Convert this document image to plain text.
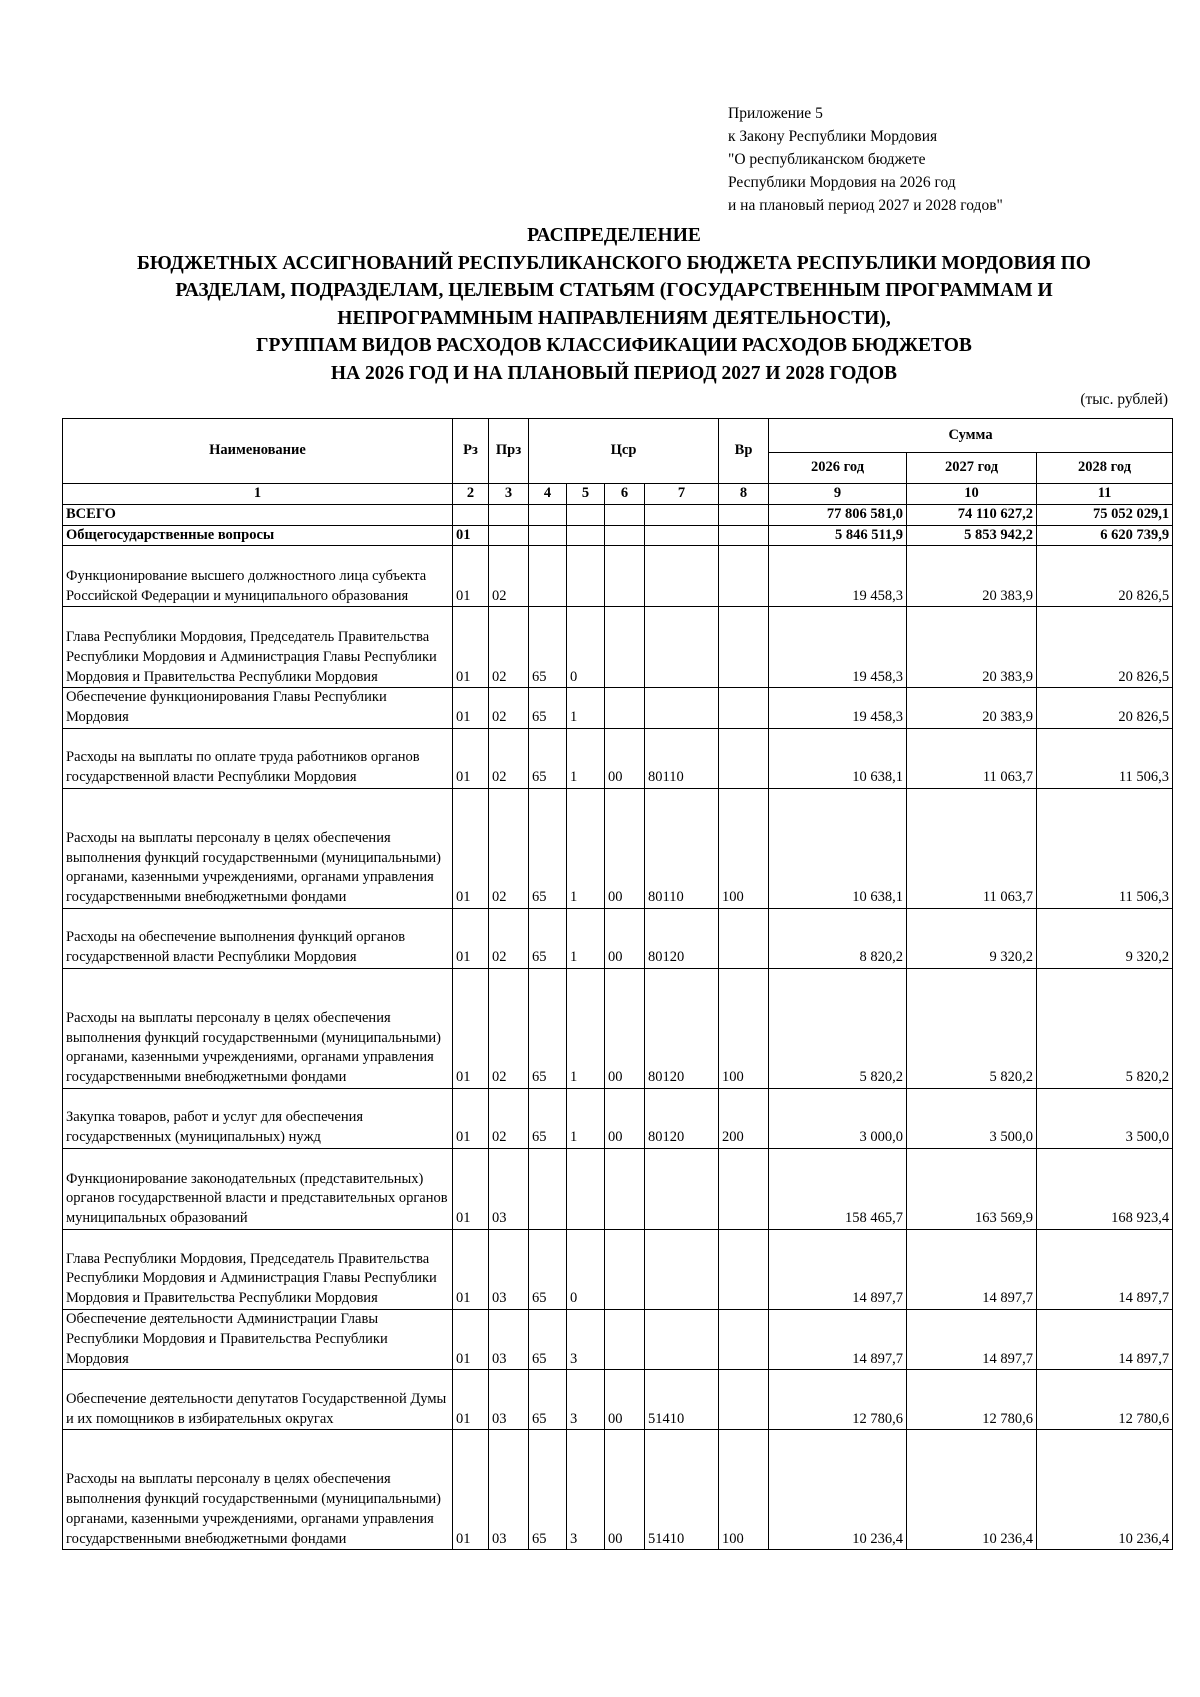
Приложение 5
к Закону Республики Мордовия
"О республиканском бюджете
Республики Мордовия на 2026 год
и на плановый период 2027 и 2028 годов"
РАСПРЕДЕЛЕНИЕ
БЮДЖЕТНЫХ АССИГНОВАНИЙ РЕСПУБЛИКАНСКОГО БЮДЖЕТА РЕСПУБЛИКИ МОРДОВИЯ ПО
РАЗДЕЛАМ, ПОДРАЗДЕЛАМ, ЦЕЛЕВЫМ СТАТЬЯМ (ГОСУДАРСТВЕННЫМ ПРОГРАММАМ И
НЕПРОГРАММНЫМ НАПРАВЛЕНИЯМ ДЕЯТЕЛЬНОСТИ),
ГРУППАМ ВИДОВ РАСХОДОВ КЛАССИФИКАЦИИ РАСХОДОВ БЮДЖЕТОВ
НА 2026 ГОД И НА ПЛАНОВЫЙ ПЕРИОД 2027 И 2028 ГОДОВ
(тыс. рублей)
Наименование	Рз	Прз	Цср				Вр	Сумма		
								2026 год	2027 год	2028 год
1	2	3	4	5	6	7	8	9	10	11
ВСЕГО								77 806 581,0	74 110 627,2	75 052 029,1
Общегосударственные вопросы	01							5 846 511,9	5 853 942,2	6 620 739,9
Функционирование высшего должностного лица субъекта Российской Федерации и муниципального образования	01	02						19 458,3	20 383,9	20 826,5
Глава Республики Мордовия, Председатель Правительства Республики Мордовия и Администрация Главы Республики Мордовия и Правительства Республики Мордовия	01	02	65	0				19 458,3	20 383,9	20 826,5
Обеспечение функционирования Главы Республики Мордовия	01	02	65	1				19 458,3	20 383,9	20 826,5
Расходы на выплаты по оплате труда работников органов государственной власти Республики Мордовия	01	02	65	1	00	80110		10 638,1	11 063,7	11 506,3
Расходы на выплаты персоналу в целях обеспечения выполнения функций государственными (муниципальными) органами, казенными учреждениями, органами управления государственными внебюджетными фондами	01	02	65	1	00	80110	100	10 638,1	11 063,7	11 506,3
Расходы на обеспечение выполнения функций органов государственной власти Республики Мордовия	01	02	65	1	00	80120		8 820,2	9 320,2	9 320,2
Расходы на выплаты персоналу в целях обеспечения выполнения функций государственными (муниципальными) органами, казенными учреждениями, органами управления государственными внебюджетными фондами	01	02	65	1	00	80120	100	5 820,2	5 820,2	5 820,2
Закупка товаров, работ и услуг для обеспечения государственных (муниципальных) нужд	01	02	65	1	00	80120	200	3 000,0	3 500,0	3 500,0
Функционирование законодательных (представительных) органов государственной власти и представительных органов муниципальных образований	01	03						158 465,7	163 569,9	168 923,4
Глава Республики Мордовия, Председатель Правительства Республики Мордовия и Администрация Главы Республики Мордовия и Правительства Республики Мордовия	01	03	65	0				14 897,7	14 897,7	14 897,7
Обеспечение деятельности Администрации Главы Республики Мордовия и Правительства Республики Мордовия	01	03	65	3				14 897,7	14 897,7	14 897,7
Обеспечение деятельности депутатов Государственной Думы и их помощников в избирательных округах	01	03	65	3	00	51410		12 780,6	12 780,6	12 780,6
Расходы на выплаты персоналу в целях обеспечения выполнения функций государственными (муниципальными) органами, казенными учреждениями, органами управления государственными внебюджетными фондами	01	03	65	3	00	51410	100	10 236,4	10 236,4	10 236,4
